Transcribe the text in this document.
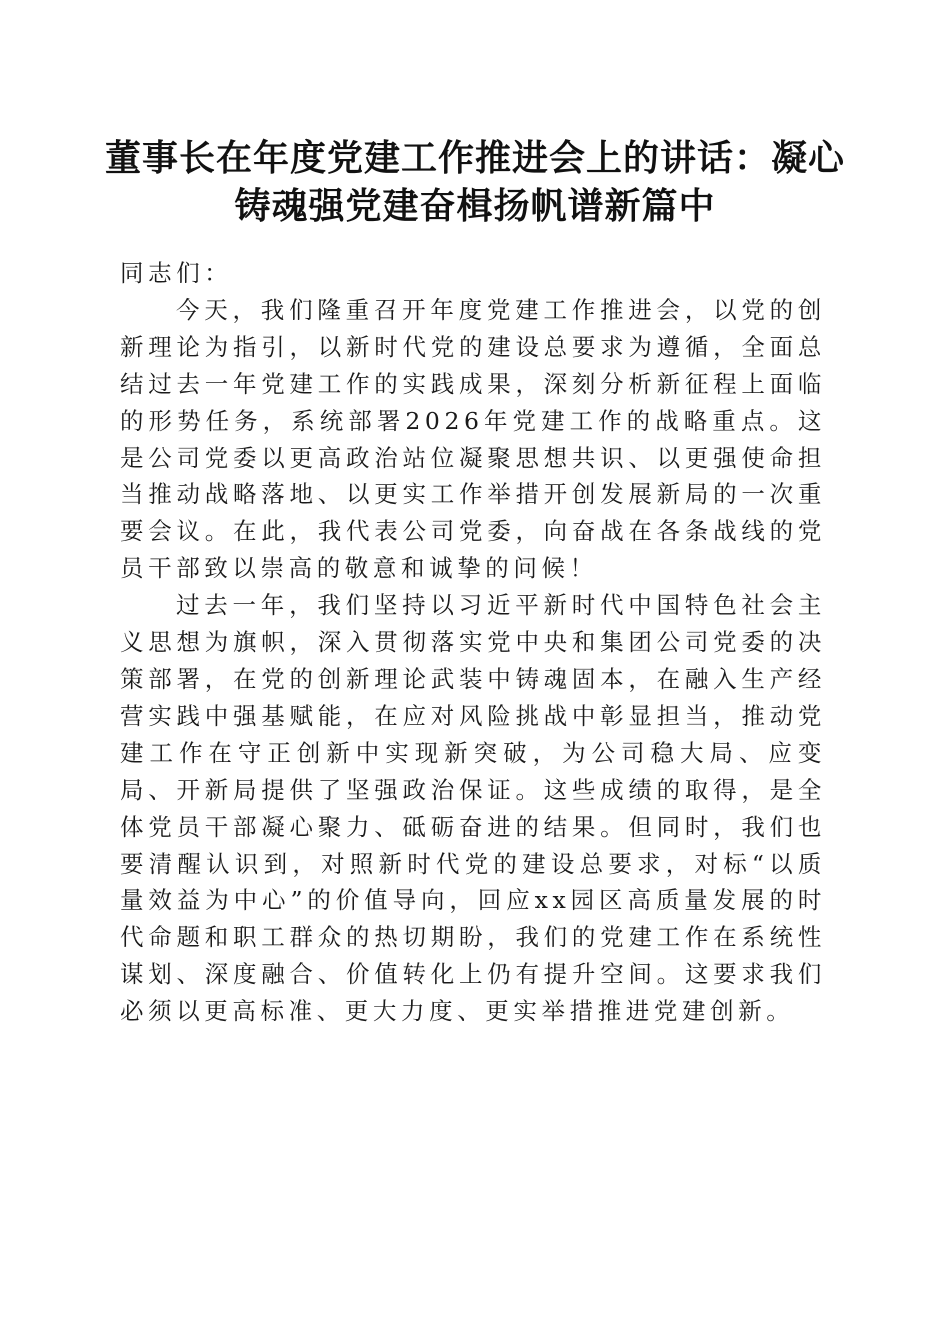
董事长在年度党建工作推进会上的讲话：凝心铸魂强党建奋楫扬帆谱新篇中

同志们：

今天，我们隆重召开年度党建工作推进会，以党的创新理论为指引，以新时代党的建设总要求为遵循，全面总结过去一年党建工作的实践成果，深刻分析新征程上面临的形势任务，系统部署2026年党建工作的战略重点。这是公司党委以更高政治站位凝聚思想共识、以更强使命担当推动战略落地、以更实工作举措开创发展新局的一次重要会议。在此，我代表公司党委，向奋战在各条战线的党员干部致以崇高的敬意和诚挚的问候！

过去一年，我们坚持以习近平新时代中国特色社会主义思想为旗帜，深入贯彻落实党中央和集团公司党委的决策部署，在党的创新理论武装中铸魂固本，在融入生产经营实践中强基赋能，在应对风险挑战中彰显担当，推动党建工作在守正创新中实现新突破，为公司稳大局、应变局、开新局提供了坚强政治保证。这些成绩的取得，是全体党员干部凝心聚力、砥砺奋进的结果。但同时，我们也要清醒认识到，对照新时代党的建设总要求，对标“以质量效益为中心”的价值导向，回应xx园区高质量发展的时代命题和职工群众的热切期盼，我们的党建工作在系统性谋划、深度融合、价值转化上仍有提升空间。这要求我们必须以更高标准、更大力度、更实举措推进党建创新。
